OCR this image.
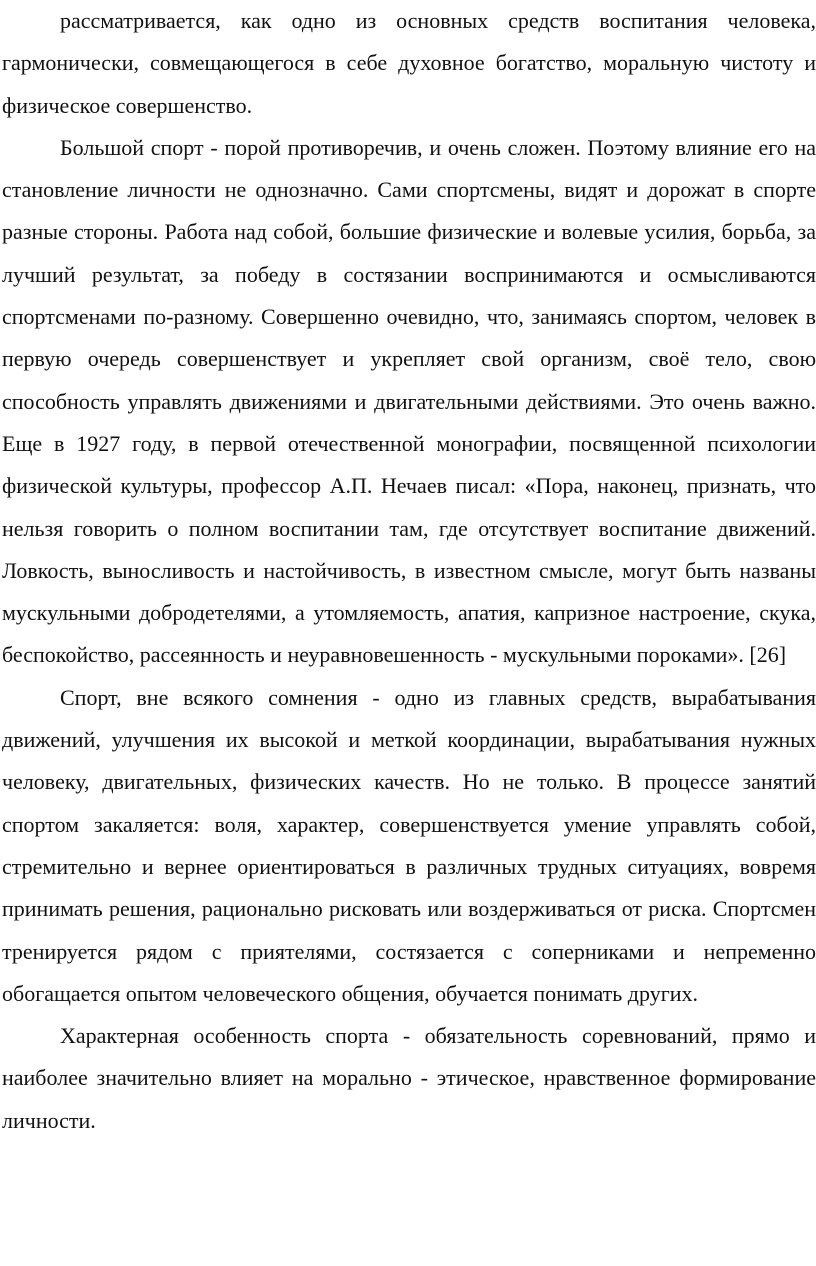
рассматривается, как одно из основных средств воспитания человека, гармонически, совмещающегося в себе духовное богатство, моральную чистоту и физическое совершенство.

Большой спорт - порой противоречив, и очень сложен. Поэтому влияние его на становление личности не однозначно. Сами спортсмены, видят и дорожат в спорте разные стороны. Работа над собой, большие физические и волевые усилия, борьба, за лучший результат, за победу в состязании воспринимаются и осмысливаются спортсменами по-разному. Совершенно очевидно, что, занимаясь спортом, человек в первую очередь совершенствует и укрепляет свой организм, своё тело, свою способность управлять движениями и двигательными действиями. Это очень важно. Еще в 1927 году, в первой отечественной монографии, посвященной психологии физической культуры, профессор А.П. Нечаев писал: «Пора, наконец, признать, что нельзя говорить о полном воспитании там, где отсутствует воспитание движений. Ловкость, выносливость и настойчивость, в известном смысле, могут быть названы мускульными добродетелями, а утомляемость, апатия, капризное настроение, скука, беспокойство, рассеянность и неуравновешенность - мускульными пороками». [26]

Спорт, вне всякого сомнения - одно из главных средств, вырабатывания движений, улучшения их высокой и меткой координации, вырабатывания нужных человеку, двигательных, физических качеств. Но не только. В процессе занятий спортом закаляется: воля, характер, совершенствуется умение управлять собой, стремительно и вернее ориентироваться в различных трудных ситуациях, вовремя принимать решения, рационально рисковать или воздерживаться от риска. Спортсмен тренируется рядом с приятелями, состязается с соперниками и непременно обогащается опытом человеческого общения, обучается понимать других.

Характерная особенность спорта - обязательность соревнований, прямо и наиболее значительно влияет на морально - этическое, нравственное формирование личности.
